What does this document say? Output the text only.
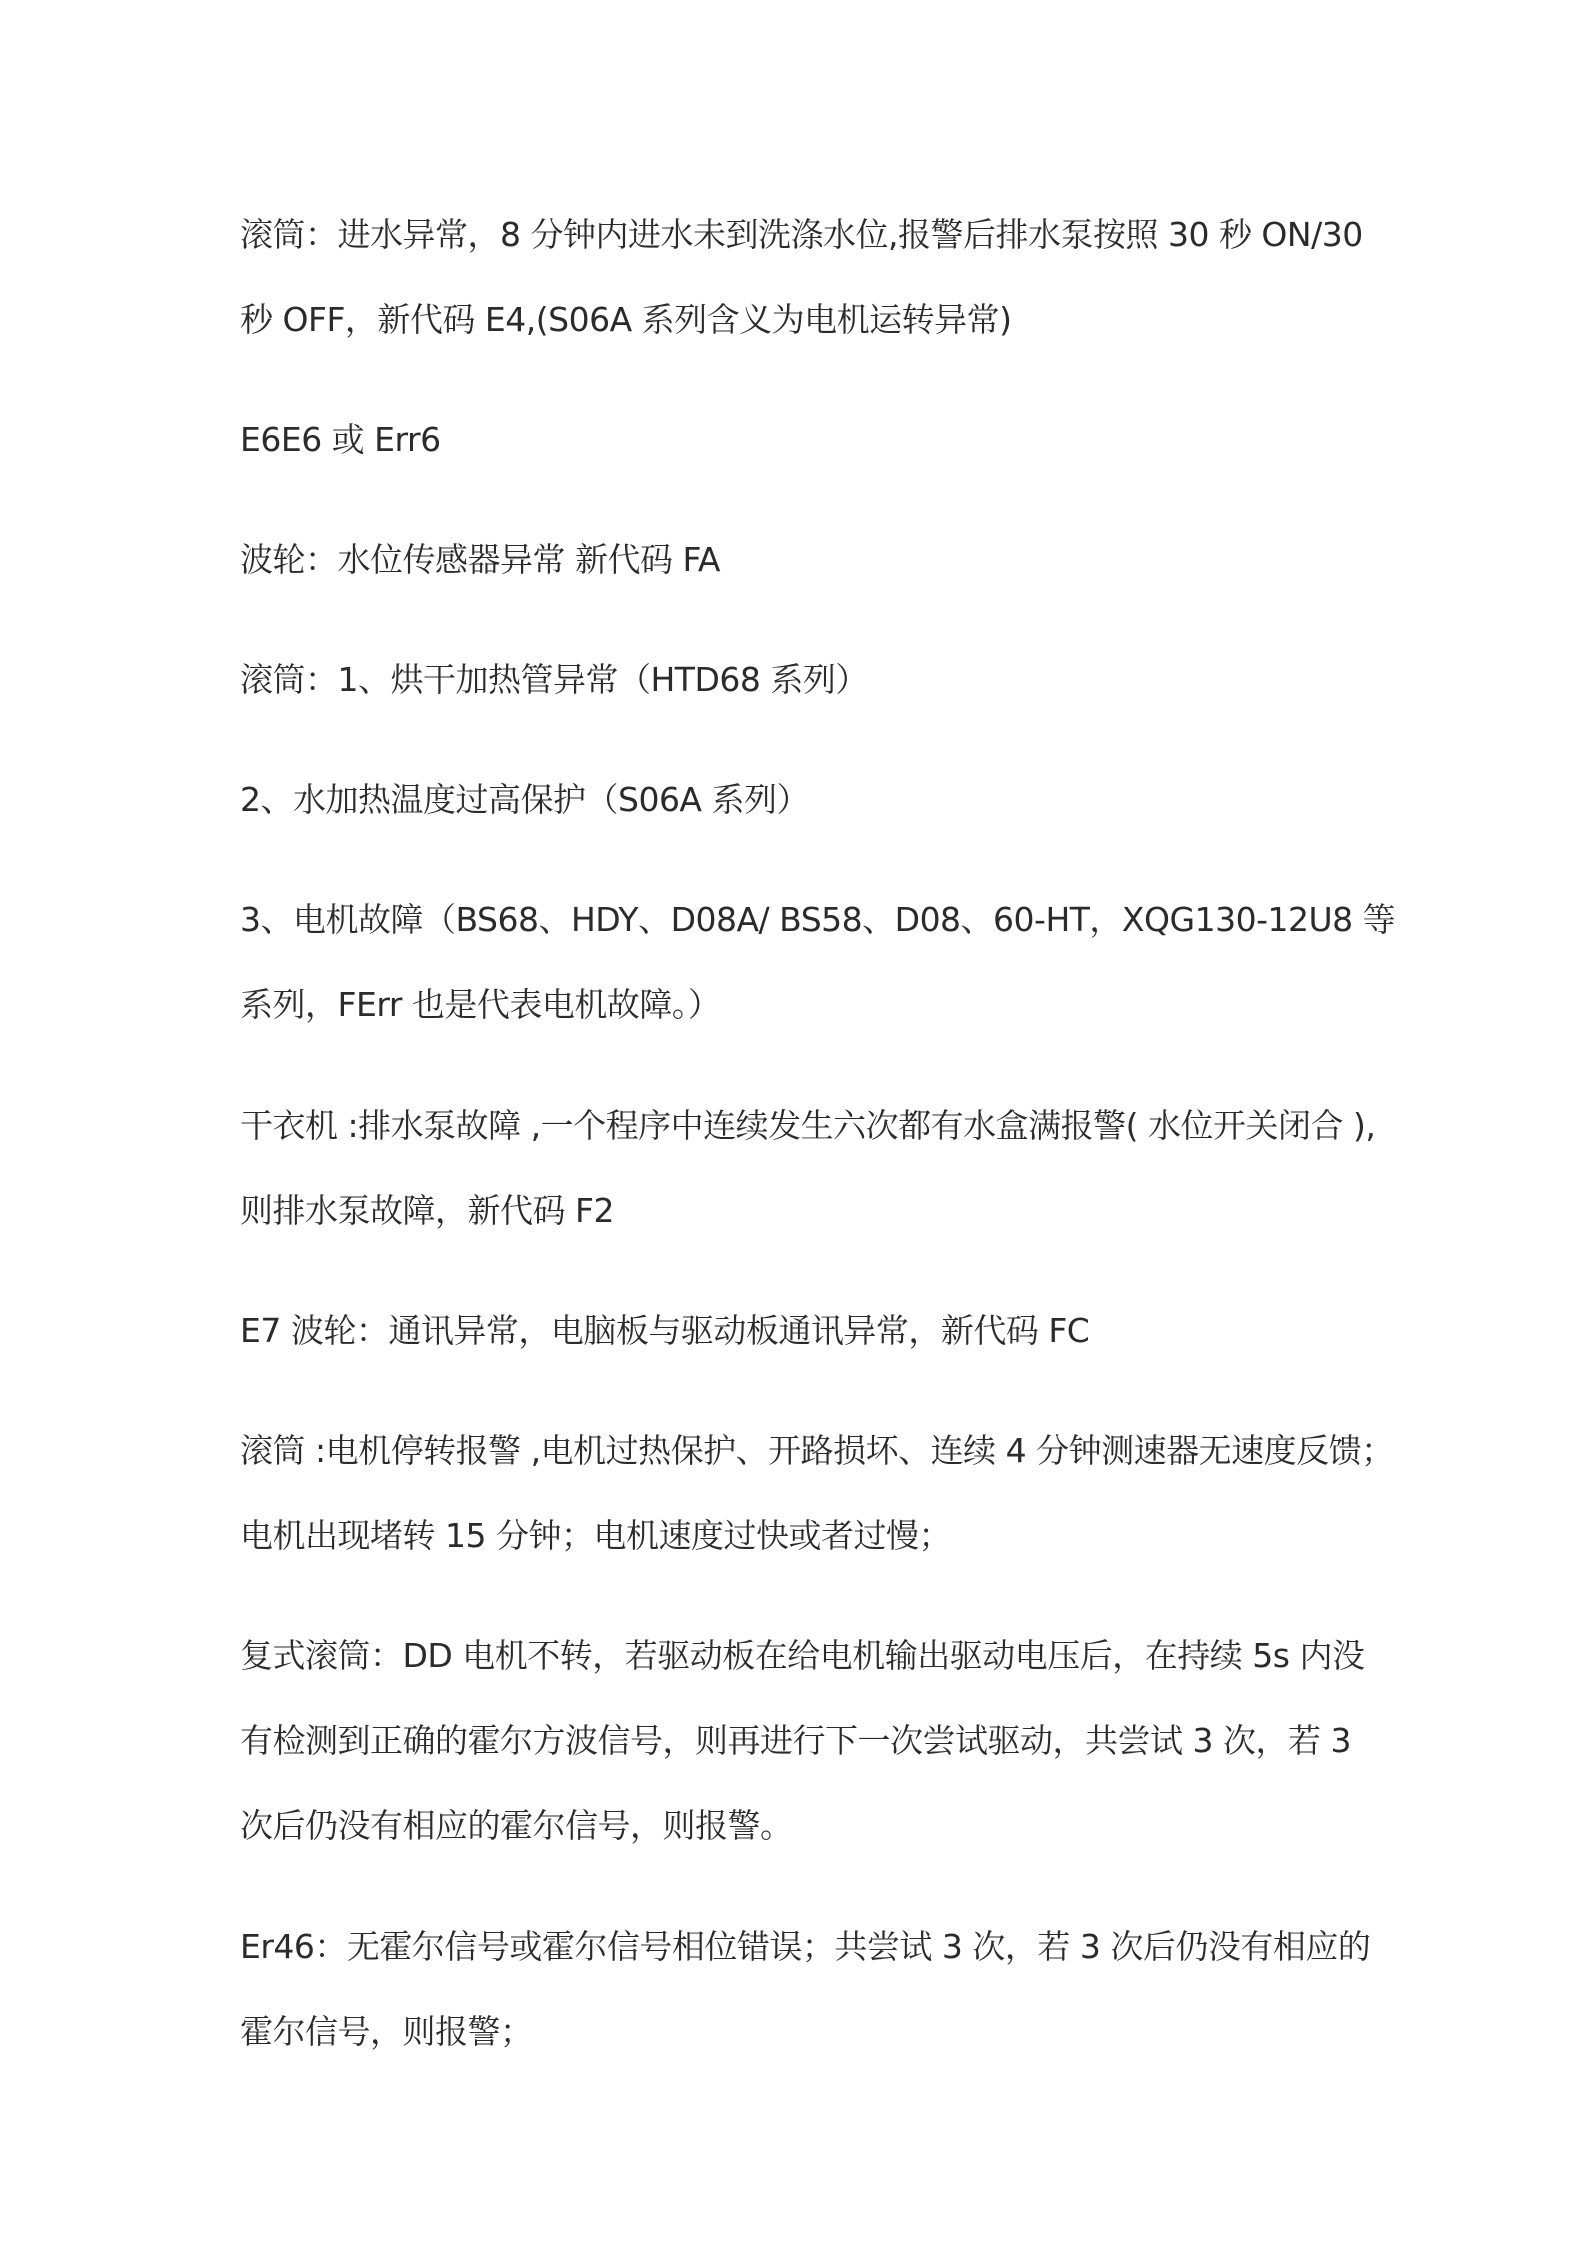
滚筒：进水异常，8 分钟内进水未到洗涤水位,报警后排水泵按照 30 秒 ON/30
秒 OFF，新代码 E4,(S06A 系列含义为电机运转异常)
E6E6 或 Err6
波轮：水位传感器异常 新代码 FA
滚筒：1、烘干加热管异常（HTD68 系列）
2、水加热温度过高保护（S06A 系列）
3、电机故障（BS68、HDY、D08A/ BS58、D08、60-HT，XQG130-12U8 等
系列，FErr 也是代表电机故障。）
干衣机 :排水泵故障 ,一个程序中连续发生六次都有水盒满报警( 水位开关闭合 ),
则排水泵故障，新代码 F2
E7 波轮：通讯异常，电脑板与驱动板通讯异常，新代码 FC
滚筒 :电机停转报警 ,电机过热保护、开路损坏、连续 4 分钟测速器无速度反馈；
电机出现堵转 15 分钟；电机速度过快或者过慢；
复式滚筒：DD 电机不转，若驱动板在给电机输出驱动电压后，在持续 5s 内没
有检测到正确的霍尔方波信号，则再进行下一次尝试驱动，共尝试 3 次，若 3
次后仍没有相应的霍尔信号，则报警。
Er46：无霍尔信号或霍尔信号相位错误；共尝试 3 次，若 3 次后仍没有相应的
霍尔信号，则报警；
